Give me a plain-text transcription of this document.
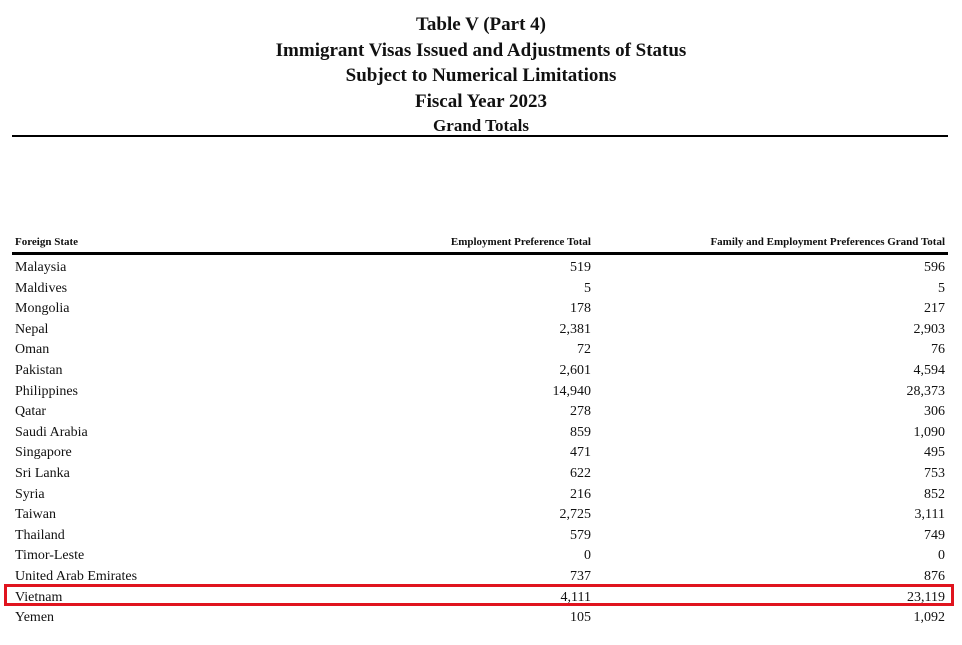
Table V (Part 4)
Immigrant Visas Issued and Adjustments of Status
Subject to Numerical Limitations
Fiscal Year 2023
Grand Totals
Foreign State	Employment Preference Total	Family and Employment Preferences Grand Total
Malaysia	519	596
Maldives	5	5
Mongolia	178	217
Nepal	2,381	2,903
Oman	72	76
Pakistan	2,601	4,594
Philippines	14,940	28,373
Qatar	278	306
Saudi Arabia	859	1,090
Singapore	471	495
Sri Lanka	622	753
Syria	216	852
Taiwan	2,725	3,111
Thailand	579	749
Timor-Leste	0	0
United Arab Emirates	737	876
Vietnam	4,111	23,119
Yemen	105	1,092
